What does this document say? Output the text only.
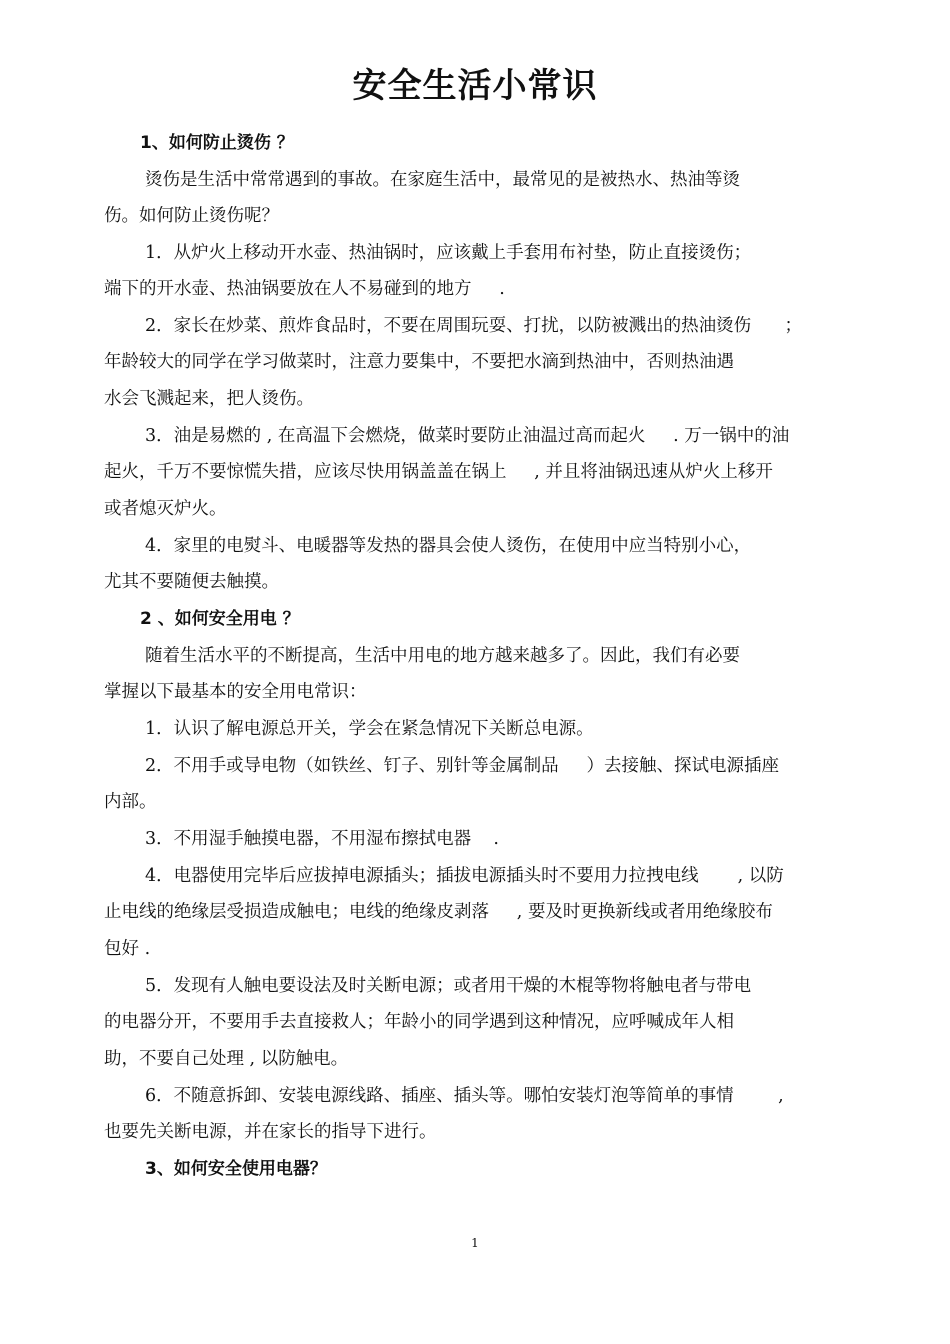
安全生活小常识
1、如何防止烫伤 ？
烫伤是生活中常常遇到的事故。在家庭生活中，最常见的是被热水、热油等烫
伤。如何防止烫伤呢？
1．从炉火上移动开水壶、热油锅时，应该戴上手套用布衬垫，防止直接烫伤；
端下的开水壶、热油锅要放在人不易碰到的地方     .
2．家长在炒菜、煎炸食品时，不要在周围玩耍、打扰，以防被溅出的热油烫伤      ；
年龄较大的同学在学习做菜时，注意力要集中，不要把水滴到热油中，否则热油遇
水会飞溅起来，把人烫伤。
3．油是易燃的 , 在高温下会燃烧，做菜时要防止油温过高而起火     . 万一锅中的油
起火，千万不要惊慌失措，应该尽快用锅盖盖在锅上     , 并且将油锅迅速从炉火上移开
或者熄灭炉火。
4．家里的电熨斗、电暖器等发热的器具会使人烫伤，在使用中应当特别小心，
尤其不要随便去触摸。
2 、如何安全用电 ？
随着生活水平的不断提高，生活中用电的地方越来越多了。因此，我们有必要
掌握以下最基本的安全用电常识：
1．认识了解电源总开关，学会在紧急情况下关断总电源。
2．不用手或导电物（如铁丝、钉子、别针等金属制品     ）去接触、探试电源插座
内部。
3．不用湿手触摸电器，不用湿布擦拭电器    .
4．电器使用完毕后应拔掉电源插头；插拔电源插头时不要用力拉拽电线       , 以防
止电线的绝缘层受损造成触电；电线的绝缘皮剥落     , 要及时更换新线或者用绝缘胶布
包好 .
5．发现有人触电要设法及时关断电源；或者用干燥的木棍等物将触电者与带电
的电器分开，不要用手去直接救人；年龄小的同学遇到这种情况，应呼喊成年人相
助，不要自己处理 , 以防触电。
6．不随意拆卸、安装电源线路、插座、插头等。哪怕安装灯泡等简单的事情        ,
也要先关断电源，并在家长的指导下进行。
3、如何安全使用电器？
1
